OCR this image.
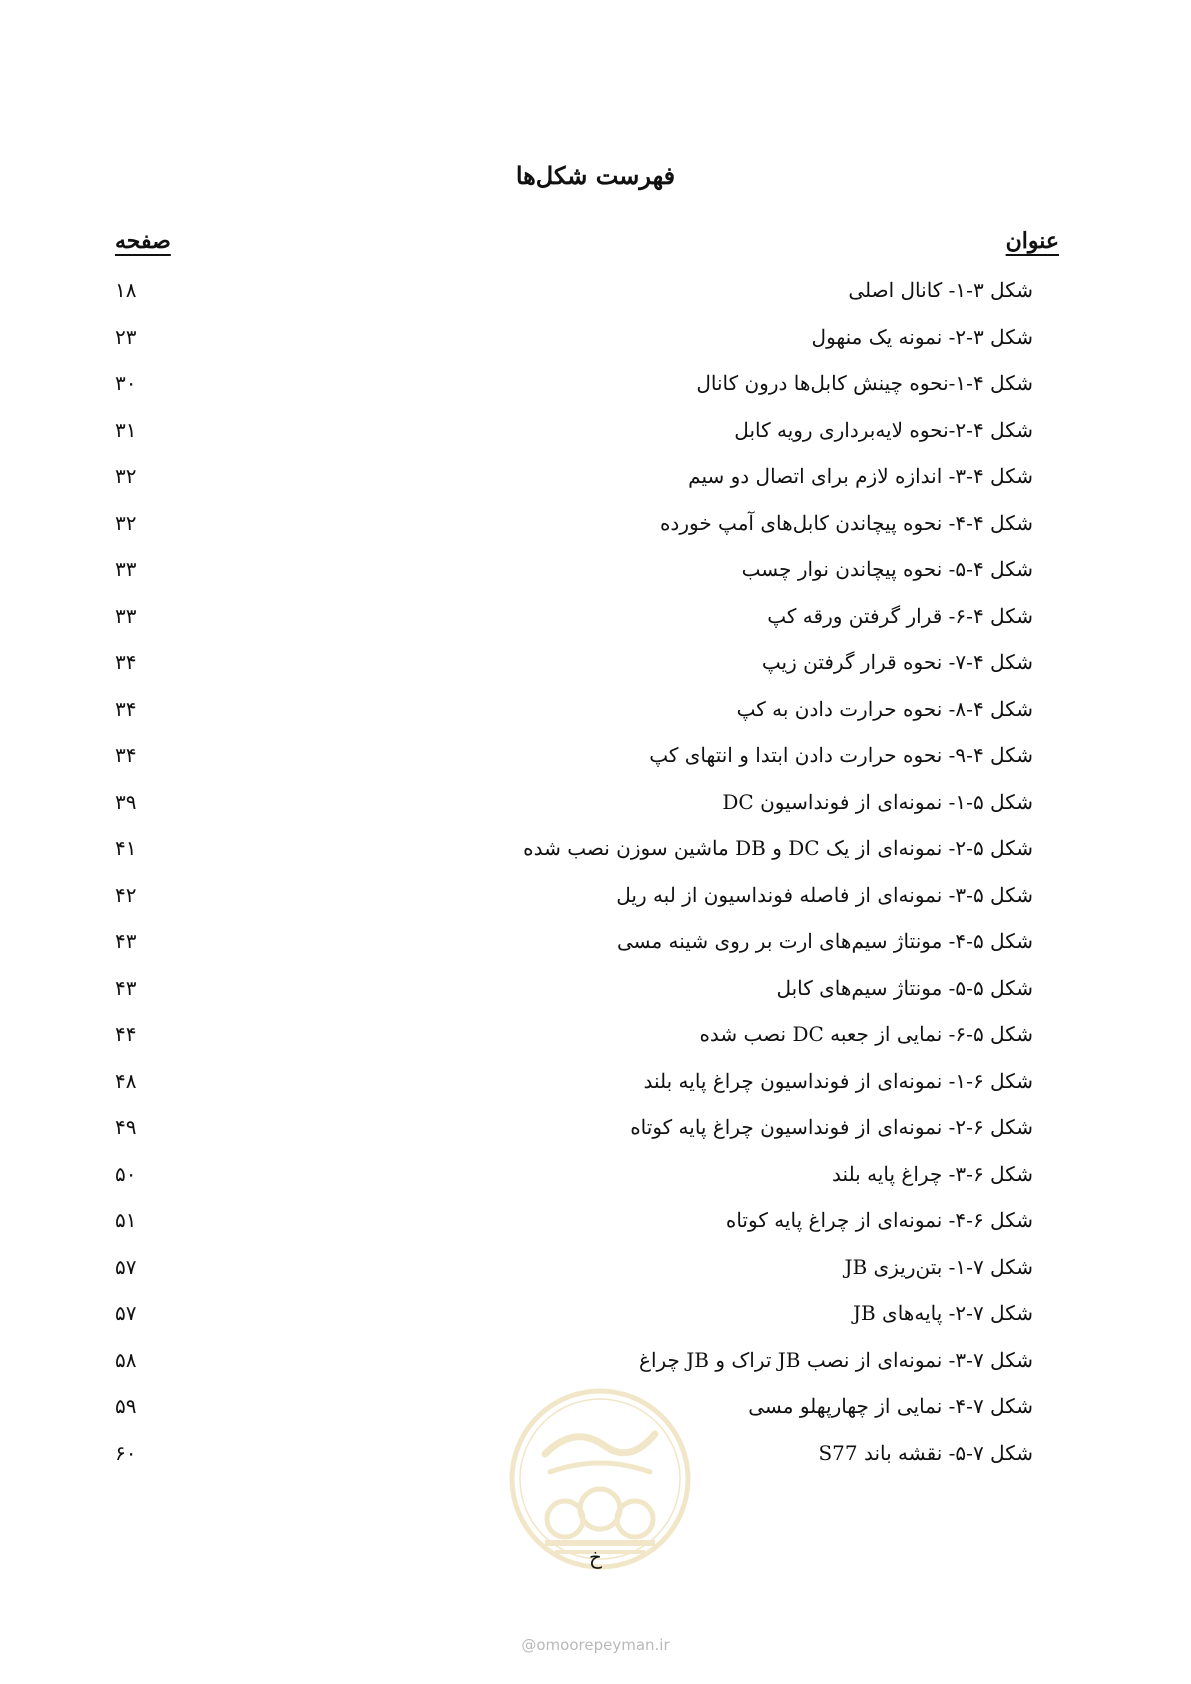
فهرست شکل‌ها
عنوان
صفحه
شکل ۳-۱- کانال اصلی
۱۸
شکل ۳-۲- نمونه یک منهول
۲۳
شکل ۴-۱-نحوه چینش کابل‌ها درون کانال
۳۰
شکل ۴-۲-نحوه لایه‌برداری رویه کابل
۳۱
شکل ۴-۳- اندازه لازم برای اتصال دو سیم
۳۲
شکل ۴-۴- نحوه پیچاندن کابل‌های آمپ خورده
۳۲
شکل ۴-۵- نحوه پیچاندن نوار چسب
۳۳
شکل ۴-۶- قرار گرفتن ورقه کپ
۳۳
شکل ۴-۷- نحوه قرار گرفتن زیپ
۳۴
شکل ۴-۸- نحوه حرارت دادن به کپ
۳۴
شکل ۴-۹- نحوه حرارت دادن ابتدا و انتهای کپ
۳۴
شکل ۵-۱- نمونه‌ای از فونداسیون DC
۳۹
شکل ۵-۲- نمونه‌ای از یک DC و DB ماشین سوزن نصب شده
۴۱
شکل ۵-۳- نمونه‌ای از فاصله فونداسیون از لبه ریل
۴۲
شکل ۵-۴- مونتاژ سیم‌های ارت بر روی شینه مسی
۴۳
شکل ۵-۵- مونتاژ سیم‌های کابل
۴۳
شکل ۵-۶- نمایی از جعبه DC نصب شده
۴۴
شکل ۶-۱- نمونه‌ای از فونداسیون چراغ پایه بلند
۴۸
شکل ۶-۲- نمونه‌ای از فونداسیون چراغ پایه کوتاه
۴۹
شکل ۶-۳- چراغ پایه بلند
۵۰
شکل ۶-۴- نمونه‌ای از چراغ پایه کوتاه
۵۱
شکل ۷-۱- بتن‌ریزی JB
۵۷
شکل ۷-۲- پایه‌های JB
۵۷
شکل ۷-۳- نمونه‌ای از نصب JB تراک و JB چراغ
۵۸
شکل ۷-۴- نمایی از چهارپهلو مسی
۵۹
شکل ۷-۵- نقشه باند S77
۶۰
خ
@omoorepeyman.ir
